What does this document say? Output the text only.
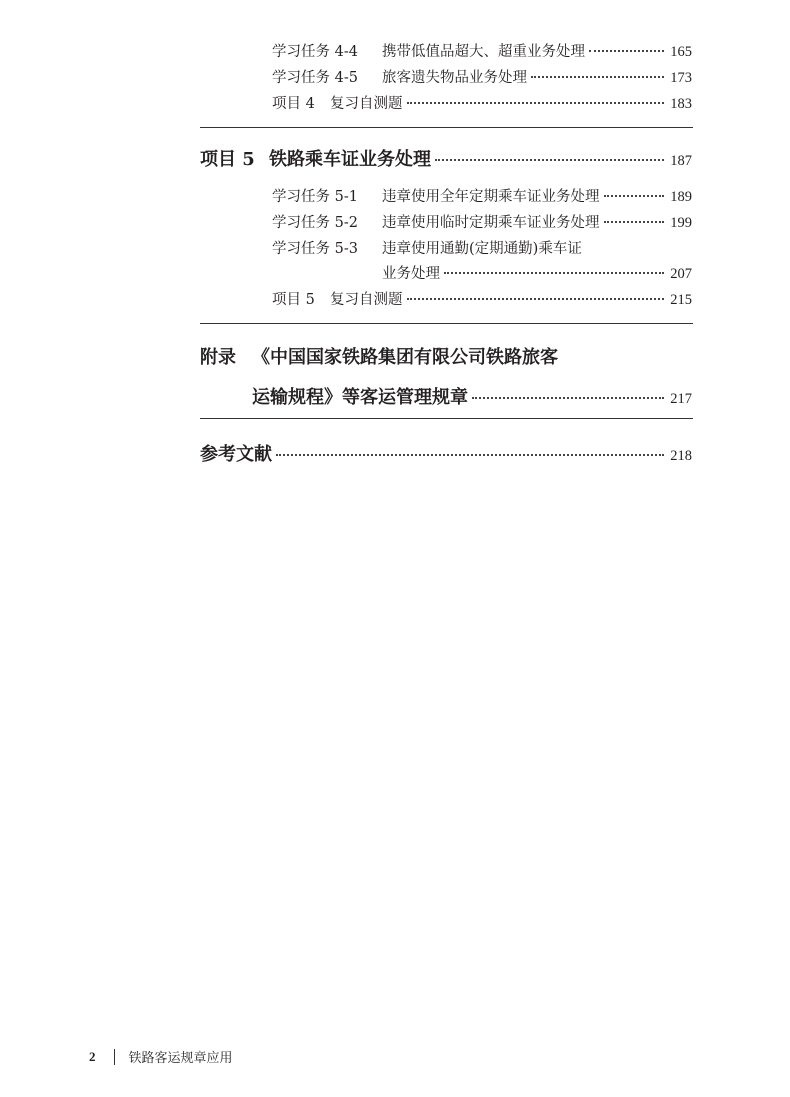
学习任务 4-4	携带低值品超大、超重业务处理	165
学习任务 4-5	旅客遗失物品业务处理	173
项目 4	复习自测题	183
项目 5 铁路乘车证业务处理	187
学习任务 5-1	违章使用全年定期乘车证业务处理	189
学习任务 5-2	违章使用临时定期乘车证业务处理	199
学习任务 5-3	违章使用通勤(定期通勤)乘车证
业务处理	207
项目 5	复习自测题	215
附录 《中国国家铁路集团有限公司铁路旅客
运输规程》等客运管理规章	217
参考文献	218
2	铁路客运规章应用
